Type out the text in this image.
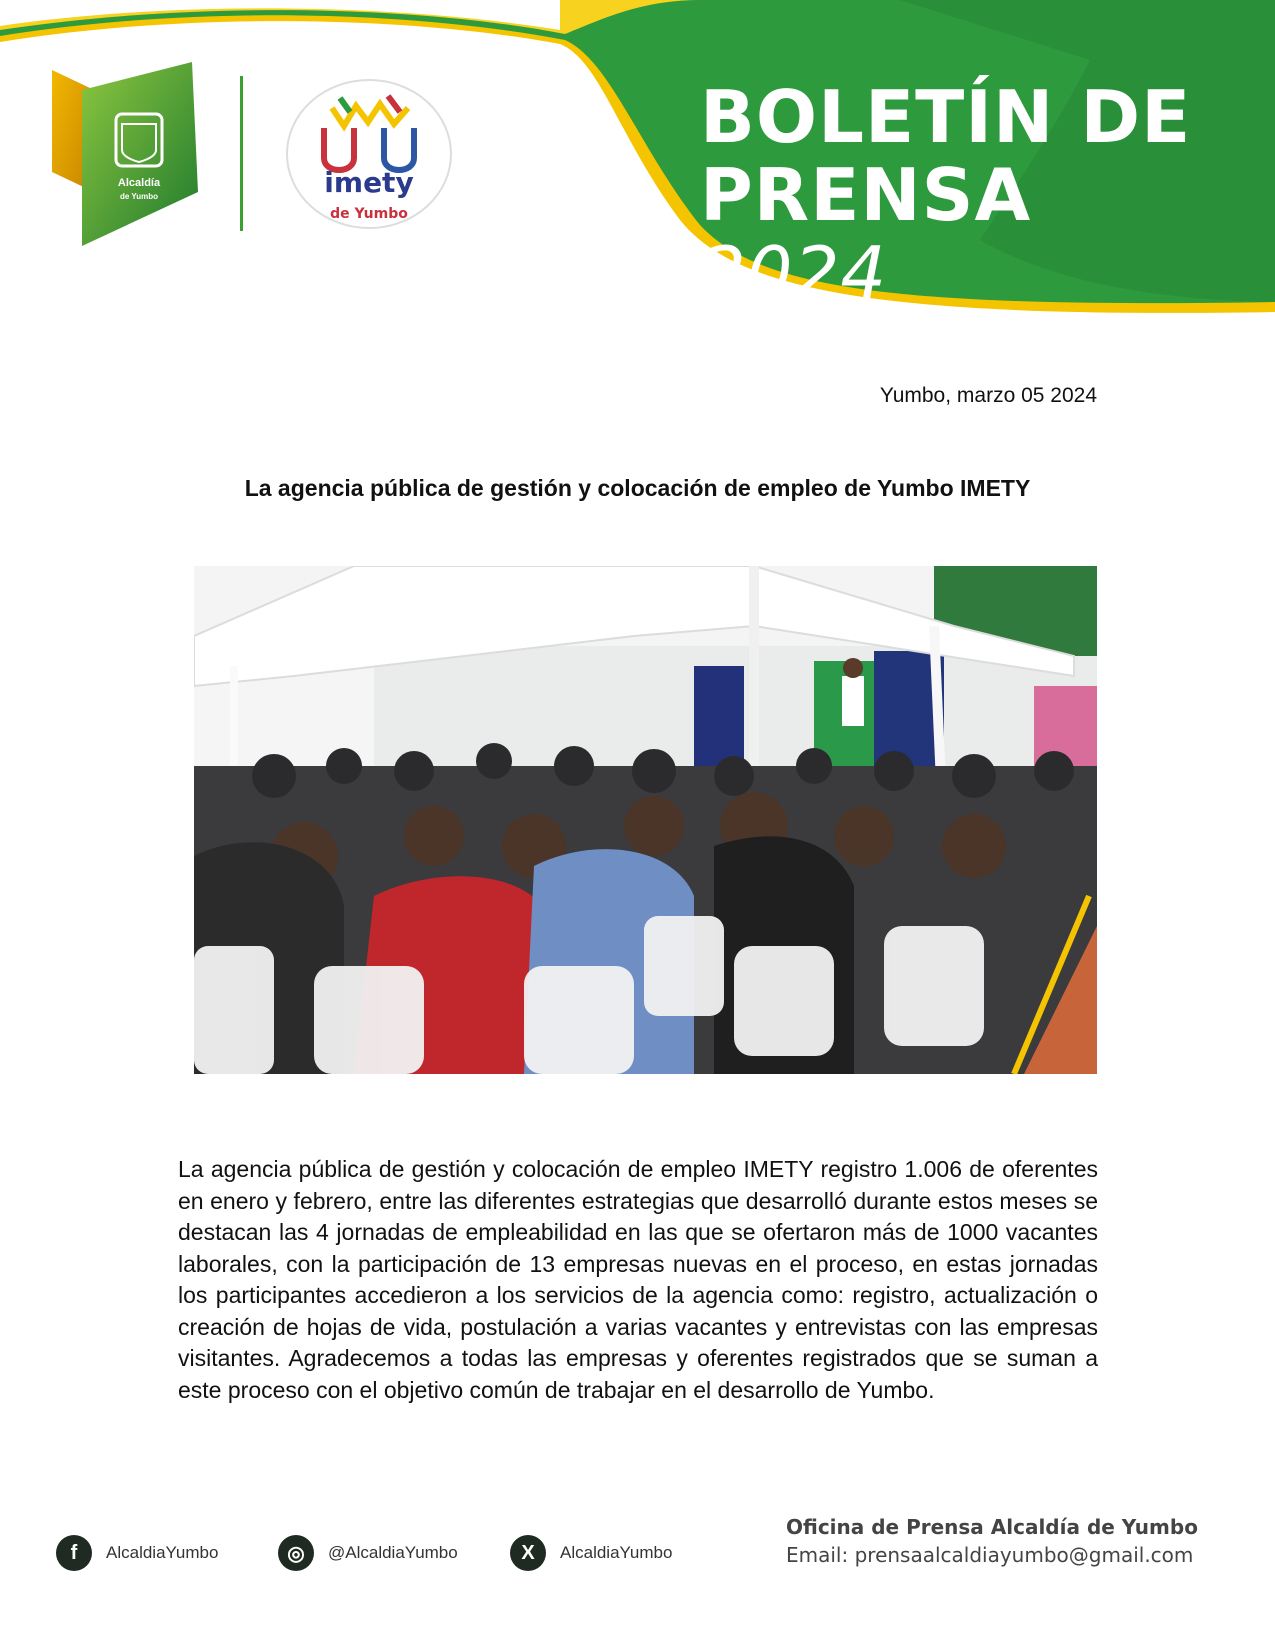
Alcaldía
de Yumbo	imety
de Yumbo
BOLETÍN DE
PRENSA 2024
Yumbo, marzo 05 2024
La agencia pública de gestión y colocación de empleo de Yumbo IMETY
La agencia pública de gestión y colocación de empleo IMETY registro 1.006 de oferentes en enero y febrero, entre las diferentes estrategias que desarrolló durante estos meses se destacan las 4 jornadas de empleabilidad en las que se ofertaron más de 1000 vacantes laborales, con la participación de 13 empresas nuevas en el proceso, en estas jornadas los participantes accedieron a los servicios de la agencia como: registro, actualización o creación de hojas de vida, postulación a varias vacantes y entrevistas con las empresas visitantes. Agradecemos a todas las empresas y oferentes registrados que se suman a este proceso con el objetivo común de trabajar en el desarrollo de Yumbo.
f	AlcaldiaYumbo	◎	@AlcaldiaYumbo	X	AlcaldiaYumbo
Oficina de Prensa Alcaldía de Yumbo
Email: prensaalcaldiayumbo@gmail.com
